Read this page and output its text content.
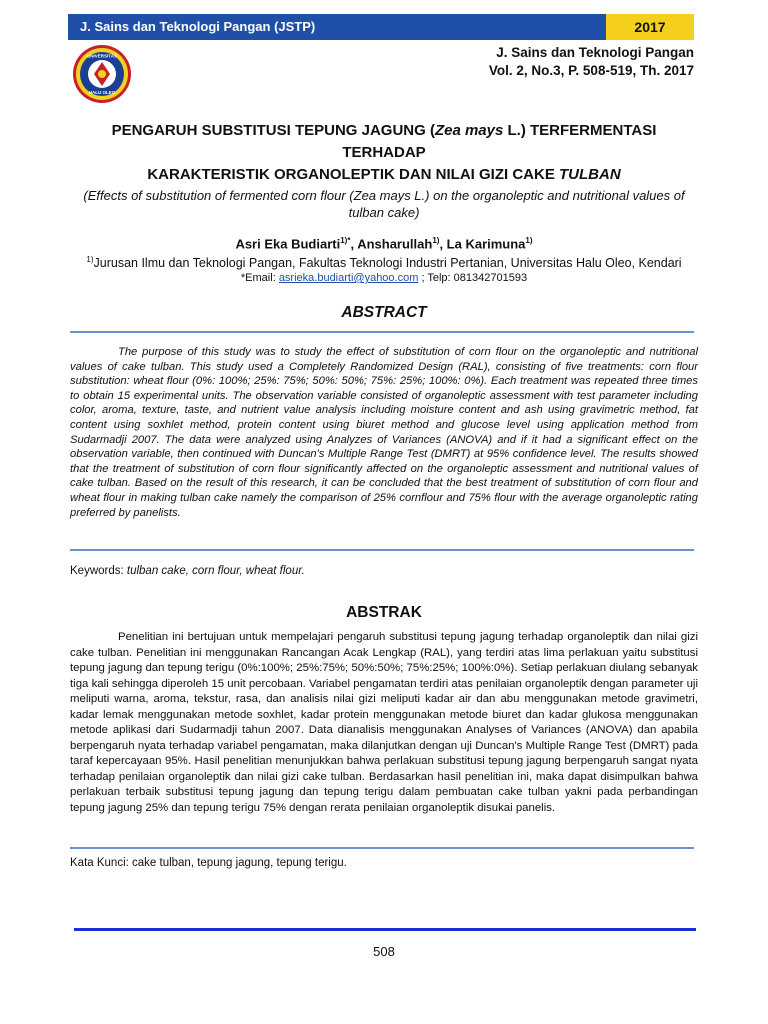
J. Sains dan Teknologi Pangan (JSTP)	2017
UNIVERSITAS
HALU OLEO
J. Sains dan Teknologi Pangan
Vol. 2, No.3, P. 508-519, Th. 2017
PENGARUH SUBSTITUSI TEPUNG JAGUNG (Zea mays L.) TERFERMENTASI TERHADAP
KARAKTERISTIK ORGANOLEPTIK DAN NILAI GIZI CAKE TULBAN
(Effects of substitution of fermented corn flour (Zea mays L.) on the organoleptic and nutritional values of tulban cake)
Asri Eka Budiarti$^{1)*}$, Ansharullah$^{1)}$, La Karimuna$^{1)}$
$^{1)}$Jurusan Ilmu dan Teknologi Pangan, Fakultas Teknologi Industri Pertanian, Universitas Halu Oleo, Kendari
*Email: asrieka.budiarti@yahoo.com ; Telp: 081342701593
ABSTRACT
The purpose of this study was to study the effect of substitution of corn flour on the organoleptic and nutritional values of cake tulban. This study used a Completely Randomized Design (RAL), consisting of five treatments: corn flour substitution: wheat flour (0%: 100%; 25%: 75%; 50%: 50%; 75%: 25%; 100%: 0%). Each treatment was repeated three times to obtain 15 experimental units. The observation variable consisted of organoleptic assessment with test parameter including color, aroma, texture, taste, and nutrient value analysis including moisture content and ash using gravimetric method, fat content using soxhlet method, protein content using biuret method and glucose level using application method from Sudarmadji 2007. The data were analyzed using Analyzes of Variances (ANOVA) and if it had a significant effect on the observation variable, then continued with Duncan's Multiple Range Test (DMRT) at 95% confidence level. The results showed that the treatment of substitution of corn flour significantly affected on the organoleptic assessment and nutritional values of cake tulban. Based on the result of this research, it can be concluded that the best treatment of substitution of corn flour and wheat flour in making tulban cake namely the comparison of 25% cornflour and 75% flour with the average organoleptic rating preferred by panelists.
Keywords: tulban cake, corn flour, wheat flour.
ABSTRAK
Penelitian ini bertujuan untuk mempelajari pengaruh substitusi tepung jagung terhadap organoleptik dan nilai gizi cake tulban. Penelitian ini menggunakan Rancangan Acak Lengkap (RAL), yang terdiri atas lima perlakuan yaitu substitusi tepung jagung dan tepung terigu (0%:100%; 25%:75%; 50%:50%; 75%:25%; 100%:0%). Setiap perlakuan diulang sebanyak tiga kali sehingga diperoleh 15 unit percobaan. Variabel pengamatan terdiri atas penilaian organoleptik dengan parameter uji meliputi warna, aroma, tekstur, rasa, dan analisis nilai gizi meliputi kadar air dan abu menggunakan metode gravimetri, kadar lemak menggunakan metode soxhlet, kadar protein menggunakan metode biuret dan kadar glukosa menggunakan metode aplikasi dari Sudarmadji tahun 2007. Data dianalisis menggunakan Analyses of Variances (ANOVA) dan apabila berpengaruh nyata terhadap variabel pengamatan, maka dilanjutkan dengan uji Duncan's Multiple Range Test (DMRT) pada taraf kepercayaan 95%. Hasil penelitian menunjukkan bahwa perlakuan substitusi tepung jagung berpengaruh sangat nyata terhadap penilaian organoleptik dan nilai gizi cake tulban. Berdasarkan hasil penelitian ini, maka dapat disimpulkan bahwa perlakuan terbaik substitusi tepung jagung dan tepung terigu dalam pembuatan cake tulban yakni pada perbandingan tepung jagung 25% dan tepung terigu 75% dengan rerata penilaian organoleptik disukai panelis.
Kata Kunci: cake tulban, tepung jagung, tepung terigu.
508
